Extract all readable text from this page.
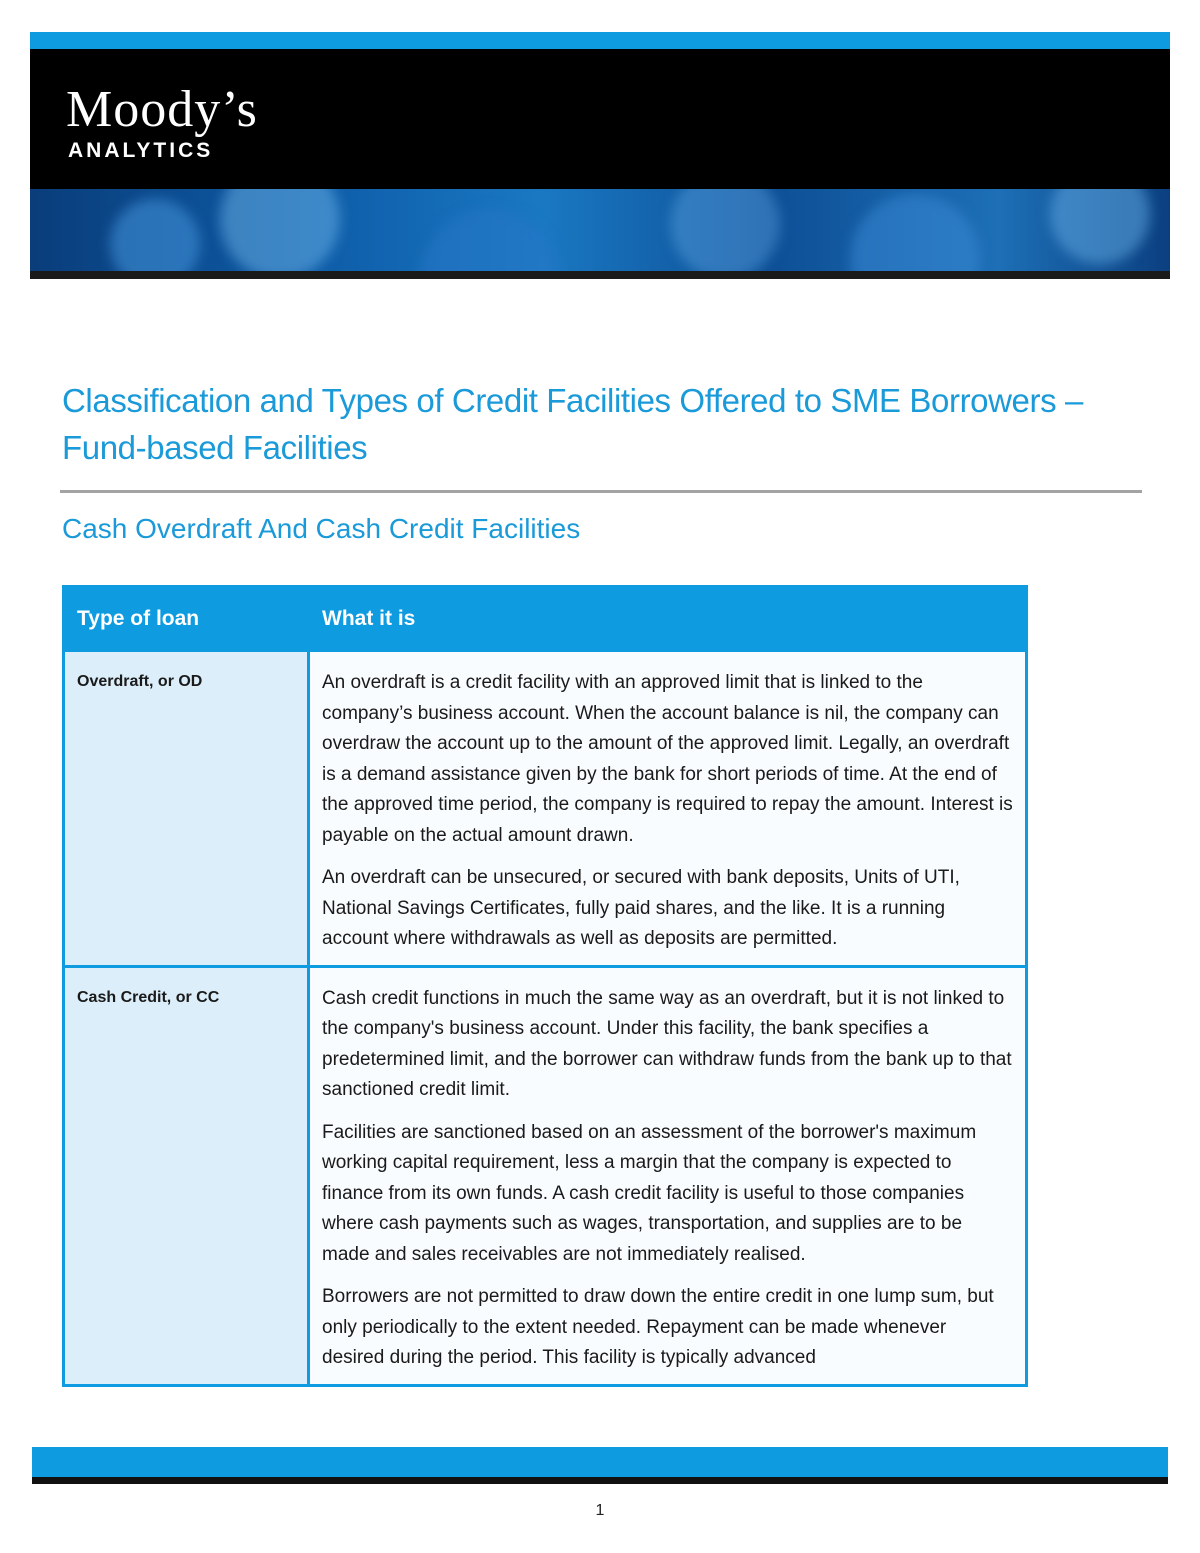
Moody’s
ANALYTICS
Classification and Types of Credit Facilities Offered to SME Borrowers – Fund-based Facilities
Cash Overdraft And Cash Credit Facilities
Type of loan	What it is
Overdraft, or OD	An overdraft is a credit facility with an approved limit that is linked to the company’s business account. When the account balance is nil, the company can overdraw the account up to the amount of the approved limit. Legally, an overdraft is a demand assistance given by the bank for short periods of time. At the end of the approved time period, the company is required to repay the amount. Interest is payable on the actual amount drawn.

An overdraft can be unsecured, or secured with bank deposits, Units of UTI, National Savings Certificates, fully paid shares, and the like. It is a running account where withdrawals as well as deposits are permitted.

Cash Credit, or CC	Cash credit functions in much the same way as an overdraft, but it is not linked to the company's business account. Under this facility, the bank specifies a predetermined limit, and the borrower can withdraw funds from the bank up to that sanctioned credit limit.

Facilities are sanctioned based on an assessment of the borrower's maximum working capital requirement, less a margin that the company is expected to finance from its own funds. A cash credit facility is useful to those companies where cash payments such as wages, transportation, and supplies are to be made and sales receivables are not immediately realised.

Borrowers are not permitted to draw down the entire credit in one lump sum, but only periodically to the extent needed. Repayment can be made whenever desired during the period. This facility is typically advanced

1
